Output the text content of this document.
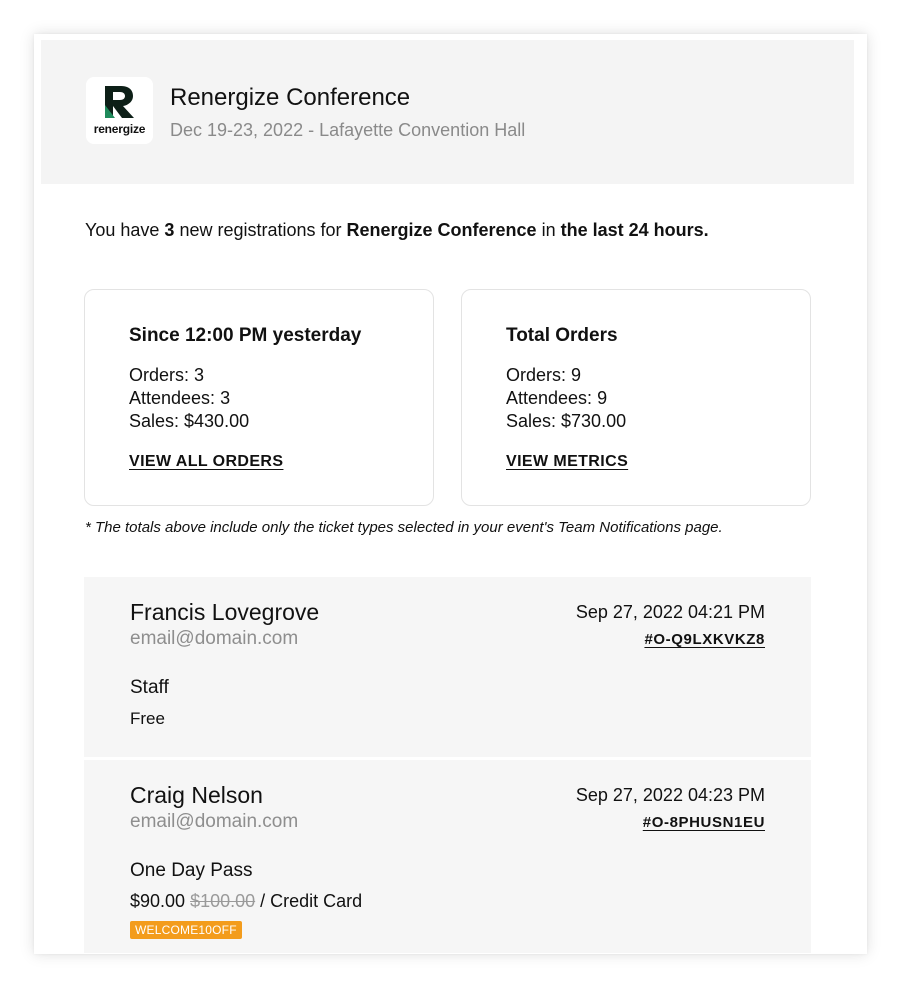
renergize
Renergize Conference
Dec 19-23, 2022 - Lafayette Convention Hall
You have 3 new registrations for Renergize Conference in the last 24 hours.
Since 12:00 PM yesterday
Orders: 3
Attendees: 3
Sales: $430.00
VIEW ALL ORDERS
Total Orders
Orders: 9
Attendees: 9
Sales: $730.00
VIEW METRICS
* The totals above include only the ticket types selected in your event's Team Notifications page.
Francis Lovegrove
email@domain.com
Sep 27, 2022 04:21 PM
#O-Q9LXKVKZ8
Staff
Free
Craig Nelson
email@domain.com
Sep 27, 2022 04:23 PM
#O-8PHUSN1EU
One Day Pass
$90.00 $100.00 / Credit Card
WELCOME10OFF
